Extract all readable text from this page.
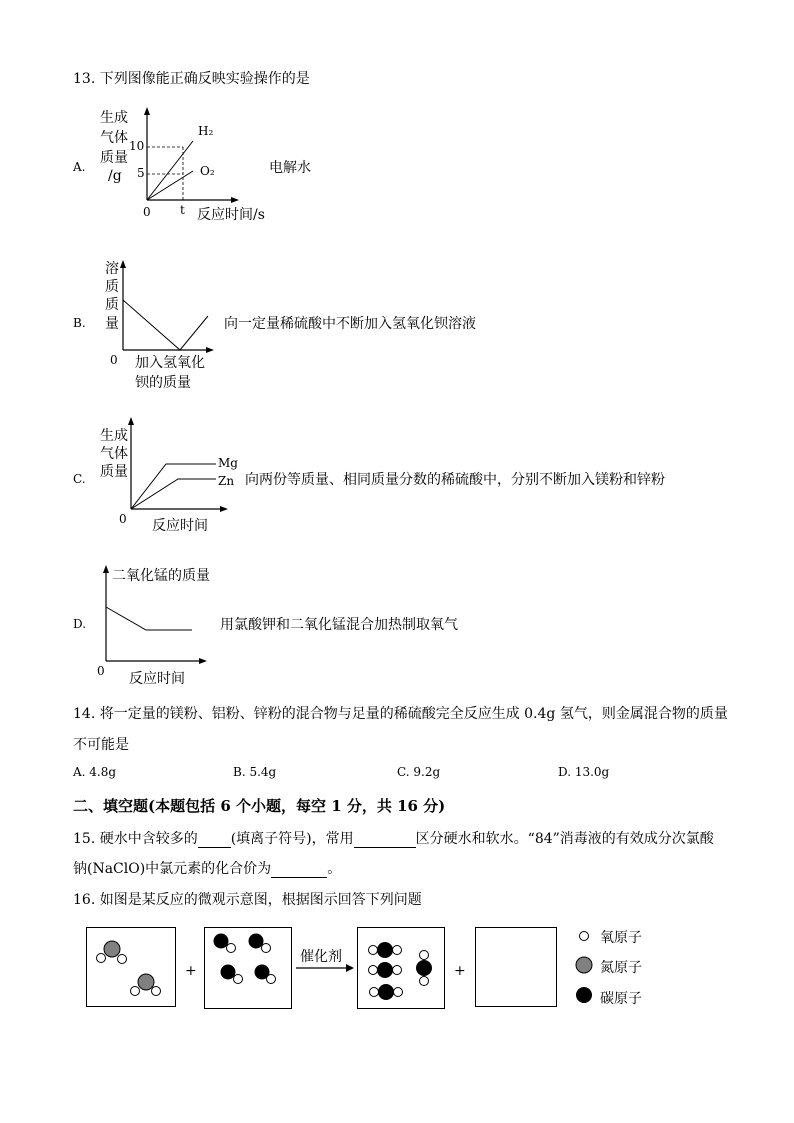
13. 下列图像能正确反映实验操作的是
A.
生成
气体
质量
/g
10
5
0 t 反应时间/s
H₂
O₂	电解水
B.
溶
质
质
量
0 加入氢氧化
钡的质量
向一定量稀硫酸中不断加入氢氧化钡溶液
C.
生成
气体
质量
0 反应时间
Mg
Zn 向两份等质量、相同质量分数的稀硫酸中，分别不断加入镁粉和锌粉
D.
二氧化锰的质量
0 反应时间
用氯酸钾和二氧化锰混合加热制取氧气
14. 将一定量的镁粉、铝粉、锌粉的混合物与足量的稀硫酸完全反应生成 0.4g 氢气，则金属混合物的质量
不可能是
A. 4.8g	B. 5.4g	C. 9.2g	D. 13.0g
二、填空题(本题包括 6 个小题，每空 1 分，共 16 分)
15. 硬水中含较多的 (填离子符号)，常用	区分硬水和软水。“84”消毒液的有效成分次氯酸
钠(NaClO)中氯元素的化合价为	。
16. 如图是某反应的微观示意图，根据图示回答下列问题
+
催化剂
+
氧原子
氮原子
碳原子
